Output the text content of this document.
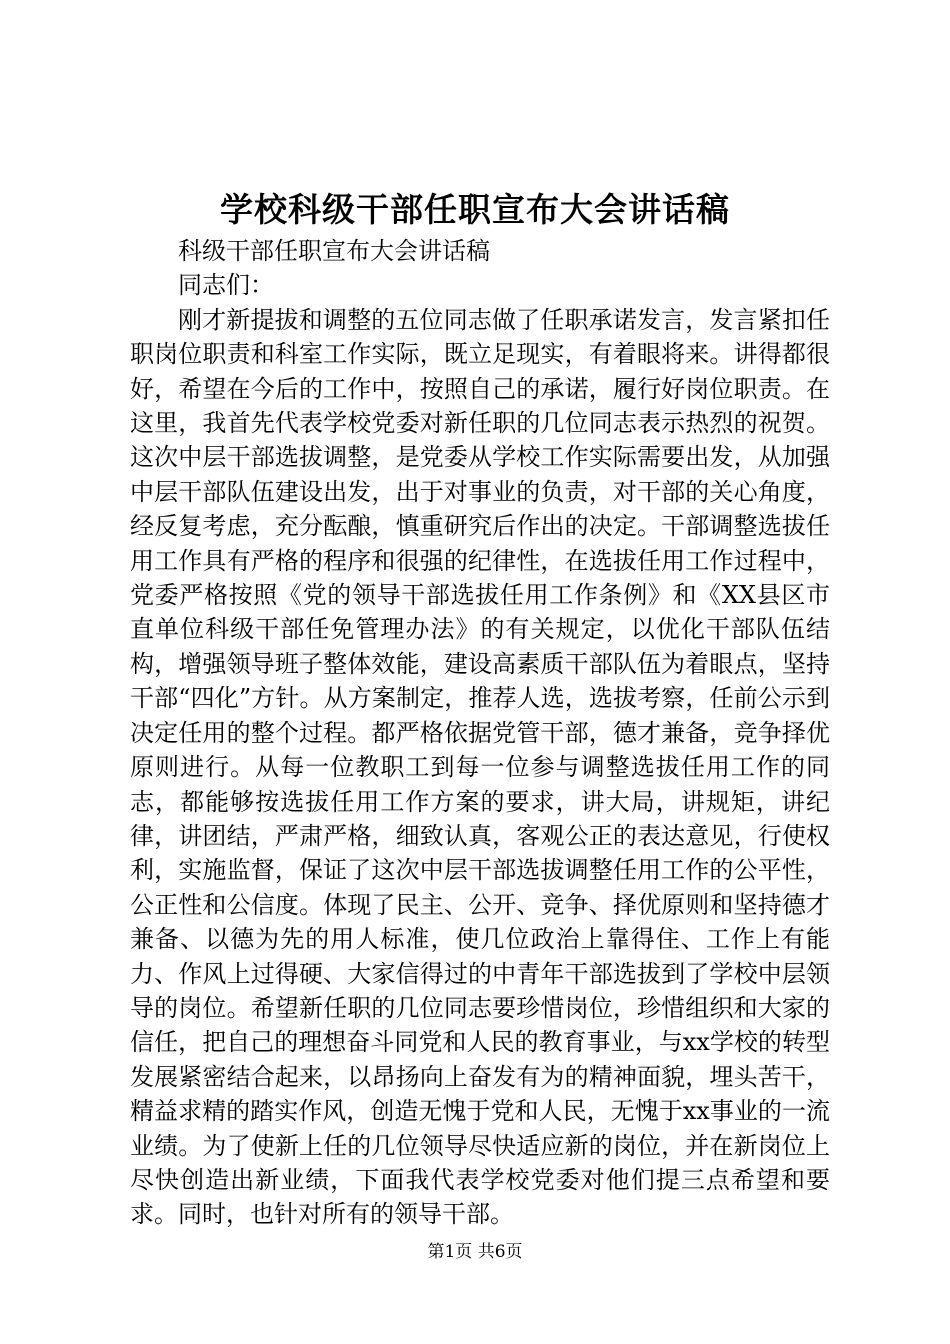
学校科级干部任职宣布大会讲话稿

科级干部任职宣布大会讲话稿

同志们：

刚才新提拔和调整的五位同志做了任职承诺发言，发言紧扣任职岗位职责和科室工作实际，既立足现实，有着眼将来。讲得都很好，希望在今后的工作中，按照自己的承诺，履行好岗位职责。在这里，我首先代表学校党委对新任职的几位同志表示热烈的祝贺。这次中层干部选拔调整，是党委从学校工作实际需要出发，从加强中层干部队伍建设出发，出于对事业的负责，对干部的关心角度，经反复考虑，充分酝酿，慎重研究后作出的决定。干部调整选拔任用工作具有严格的程序和很强的纪律性，在选拔任用工作过程中，党委严格按照《党的领导干部选拔任用工作条例》和《XX县区市直单位科级干部任免管理办法》的有关规定，以优化干部队伍结构，增强领导班子整体效能，建设高素质干部队伍为着眼点，坚持干部“四化”方针。从方案制定，推荐人选，选拔考察，任前公示到决定任用的整个过程。都严格依据党管干部，德才兼备，竞争择优原则进行。从每一位教职工到每一位参与调整选拔任用工作的同志，都能够按选拔任用工作方案的要求，讲大局，讲规矩，讲纪律，讲团结，严肃严格，细致认真，客观公正的表达意见，行使权利，实施监督，保证了这次中层干部选拔调整任用工作的公平性，公正性和公信度。体现了民主、公开、竞争、择优原则和坚持德才兼备、以德为先的用人标准，使几位政治上靠得住、工作上有能力、作风上过得硬、大家信得过的中青年干部选拔到了学校中层领导的岗位。希望新任职的几位同志要珍惜岗位，珍惜组织和大家的信任，把自己的理想奋斗同党和人民的教育事业，与xx学校的转型发展紧密结合起来，以昂扬向上奋发有为的精神面貌，埋头苦干，精益求精的踏实作风，创造无愧于党和人民，无愧于xx事业的一流业绩。为了使新上任的几位领导尽快适应新的岗位，并在新岗位上尽快创造出新业绩，下面我代表学校党委对他们提三点希望和要求。同时，也针对所有的领导干部。

第1页 共6页
